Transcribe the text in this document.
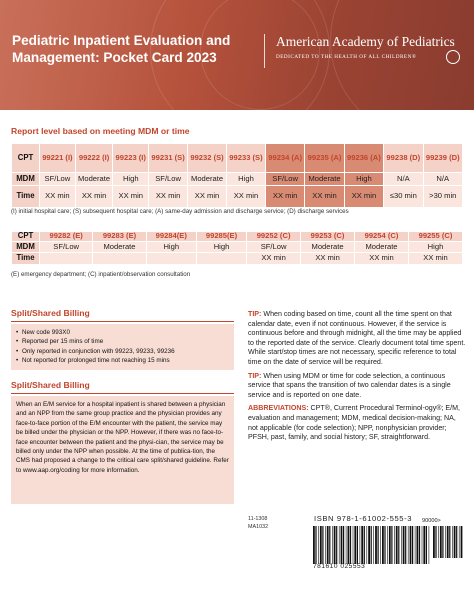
Pediatric Inpatient Evaluation and Management: Pocket Card 2023
American Academy of Pediatrics
DEDICATED TO THE HEALTH OF ALL CHILDREN®
Report level based on meeting MDM or time
CPT	99221 (I)	99222 (I)	99223 (I)	99231 (S)	99232 (S)	99233 (S)	99234 (A)	99235 (A)	99236 (A)	99238 (D)	99239 (D)
MDM	SF/Low	Moderate	High	SF/Low	Moderate	High	SF/Low	Moderate	High	N/A	N/A
Time	XX min	XX min	XX min	XX min	XX min	XX min	XX min	XX min	XX min	≤30 min	>30 min
(I) initial hospital care; (S) subsequent hospital care; (A) same-day admission and discharge service; (D) discharge services
CPT	99282 (E)	99283 (E)	99284(E)	99285(E)	99252 (C)	99253 (C)	99254 (C)	99255 (C)
MDM	SF/Low	Moderate	High	High	SF/Low	Moderate	Moderate	High
Time					XX min	XX min	XX min	XX min
(E) emergency department; (C) inpatient/observation consultation
Split/Shared Billing
• New code 993X0
• Reported per 15 mins of time
• Only reported in conjunction with 99223, 99233, 99236
• Not reported for prolonged time not reaching 15 mins
Split/Shared Billing
When an E/M service for a hospital inpatient is shared between a physician and an NPP from the same group practice and the physician provides any face-to-face portion of the E/M encounter with the patient, the service may be billed under the physician or the NPP. However, if there was no face-to-face encounter between the patient and the physi-cian, the service may be billed only under the NPP when possible. At the time of publica-tion, the CMS had proposed a change to the critical care split/shared guideline. Refer to www.aap.org/coding for more information.

TIP: When coding based on time, count all the time spent on that calendar date, even if not continuous. However, if the service is continuous before and through midnight, all the time may be applied to the reported date of the service. Clearly document total time spent. While start/stop times are not necessary, specific reference to total time on the date of service will be required.

TIP: When using MDM or time for code selection, a continuous service that spans the transition of two calendar dates is a single service and is reported on one date.

ABBREVIATIONS: CPT®, Current Procedural Terminol-ogy®; E/M, evaluation and management; MDM, medical decision-making; NA, not applicable (for code selection); NPP, nonphysician provider; PFSH, past, family, and social history; SF, straightforward.

11-1308
MA1032
ISBN 978-1-61002-555-3 90000>
781610 025553
